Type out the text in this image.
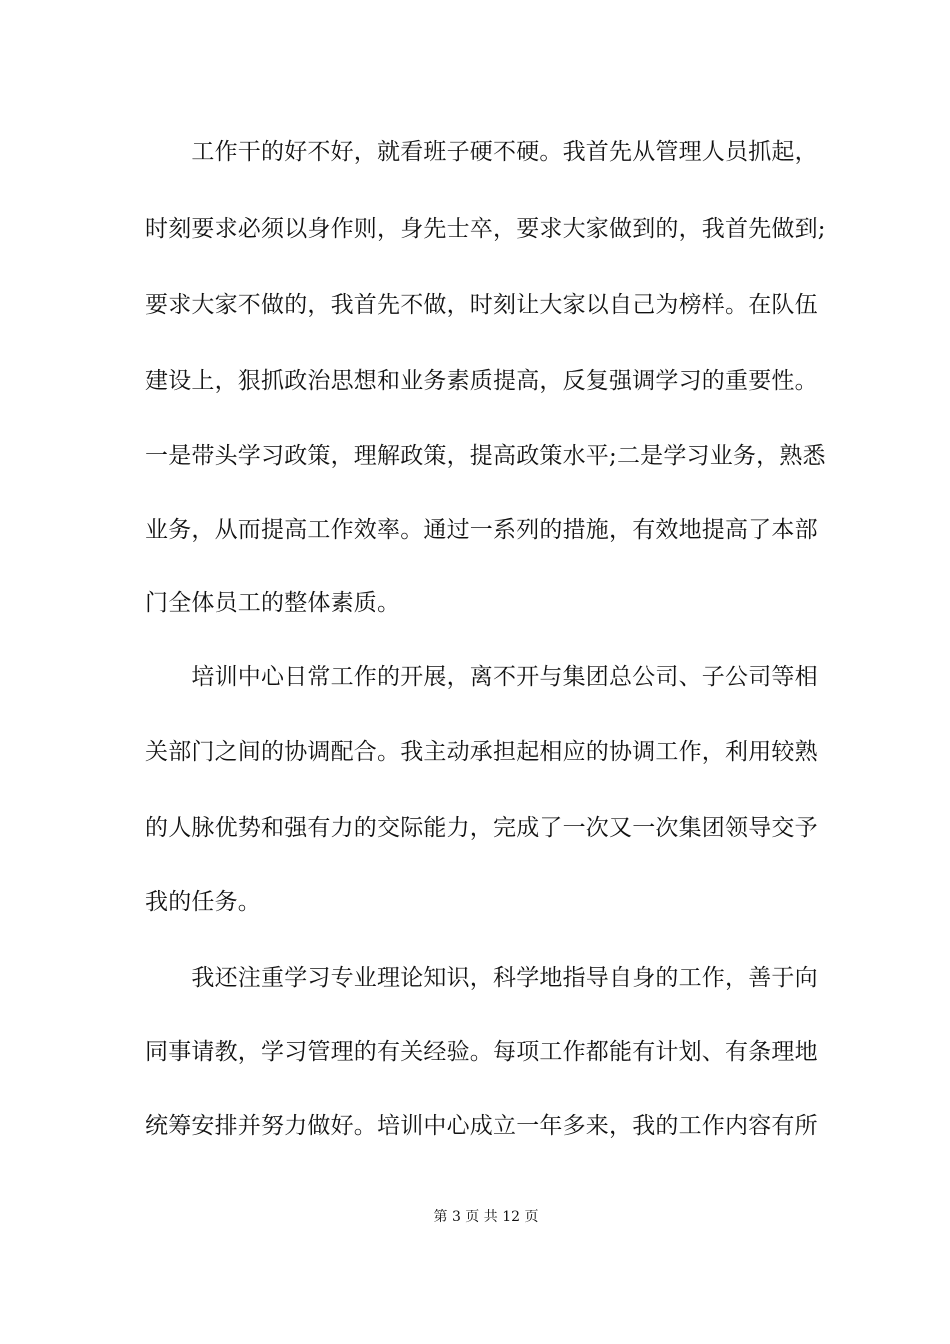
　　工作干的好不好，就看班子硬不硬。我首先从管理人员抓起，
时刻要求必须以身作则，身先士卒，要求大家做到的，我首先做到;
要求大家不做的，我首先不做，时刻让大家以自己为榜样。在队伍
建设上，狠抓政治思想和业务素质提高，反复强调学习的重要性。
一是带头学习政策，理解政策，提高政策水平;二是学习业务，熟悉
业务，从而提高工作效率。通过一系列的措施，有效地提高了本部
门全体员工的整体素质。
　　培训中心日常工作的开展，离不开与集团总公司、子公司等相
关部门之间的协调配合。我主动承担起相应的协调工作，利用较熟
的人脉优势和强有力的交际能力，完成了一次又一次集团领导交予
我的任务。
　　我还注重学习专业理论知识，科学地指导自身的工作，善于向
同事请教，学习管理的有关经验。每项工作都能有计划、有条理地
统筹安排并努力做好。培训中心成立一年多来，我的工作内容有所
第 3 页 共 12 页
